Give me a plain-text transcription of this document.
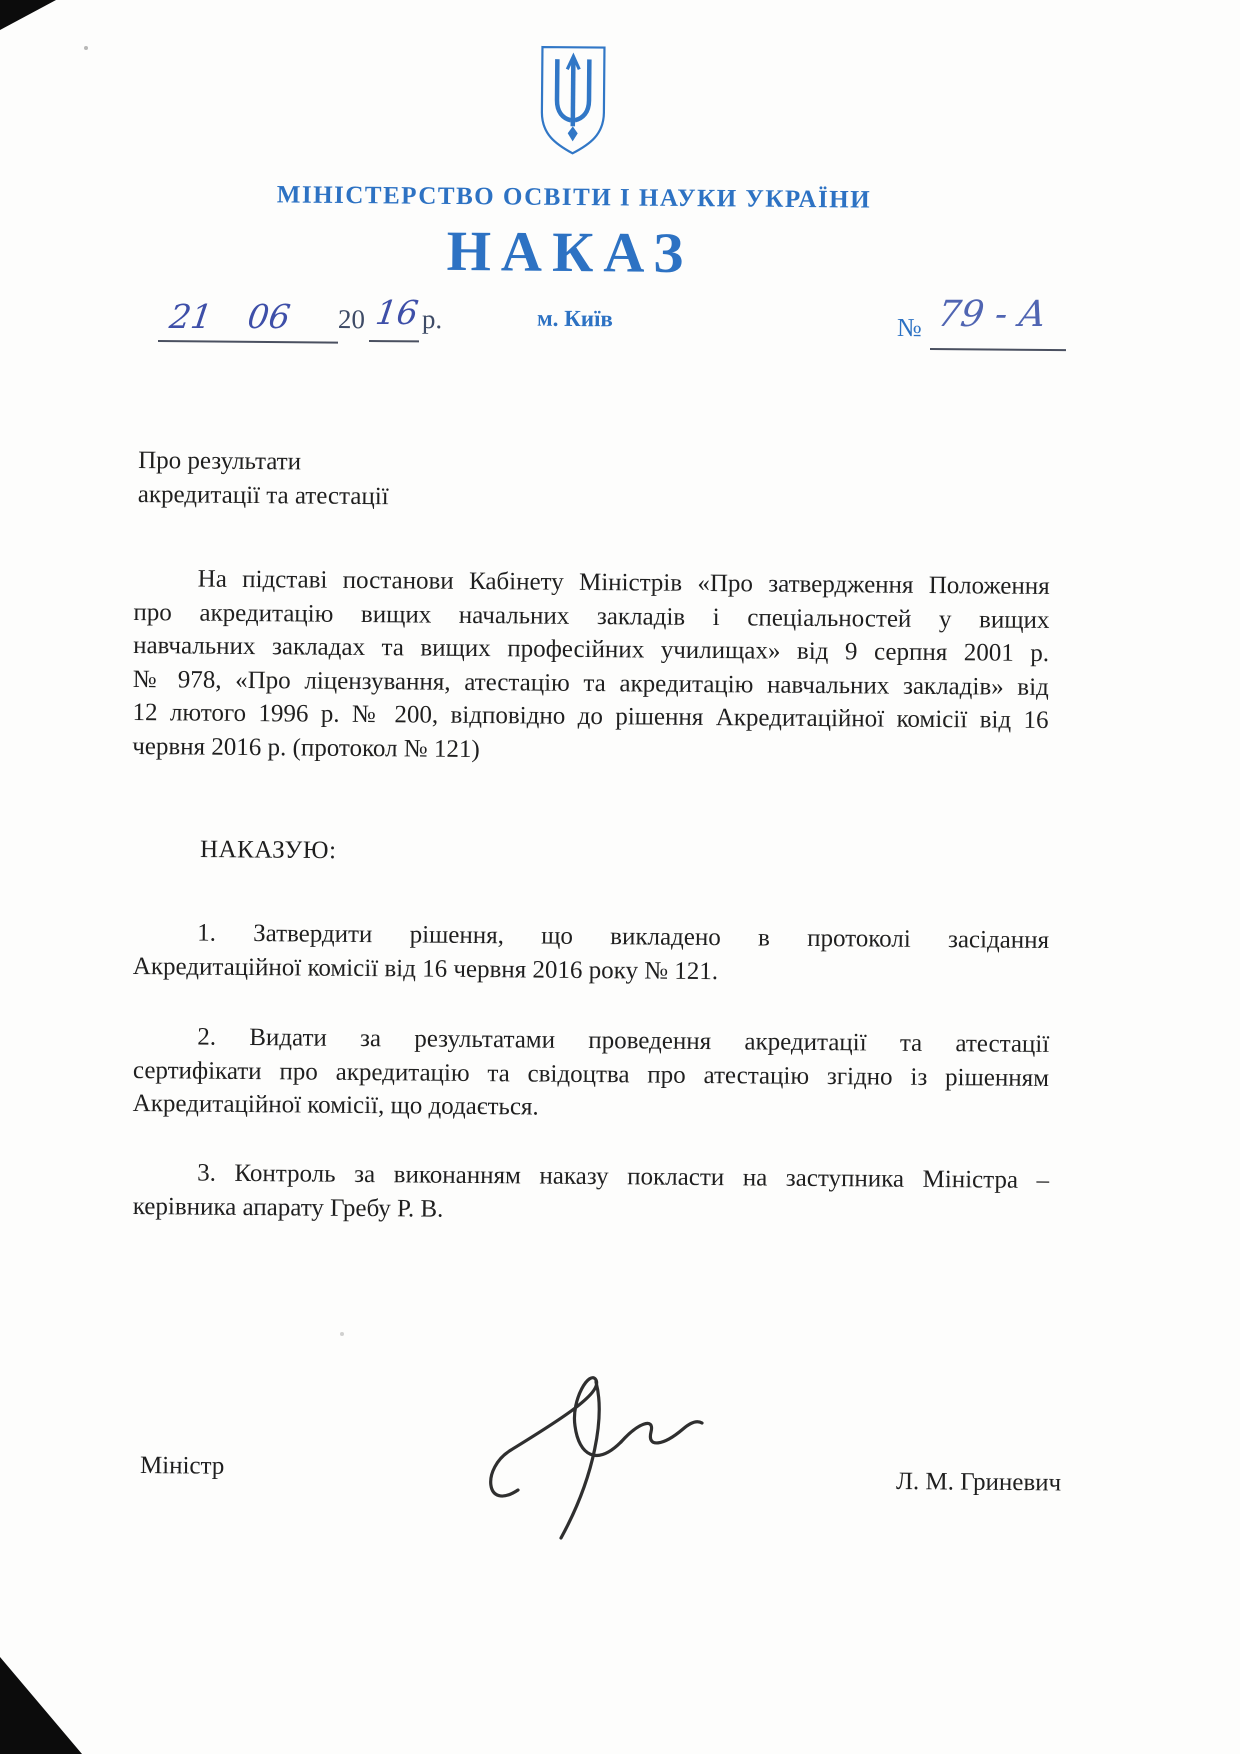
МІНІСТЕРСТВО ОСВІТИ І НАУКИ УКРАЇНИ
НАКАЗ
м. Київ
21 06 20 16 р.	№ 79 - А
Про результати
акредитації та атестації
На підставі постанови Кабінету Міністрів «Про затвердження Положення
про акредитацію вищих начальних закладів і спеціальностей у вищих
навчальних закладах та вищих професійних училищах» від 9 серпня 2001 р.
№ 978, «Про ліцензування, атестацію та акредитацію навчальних закладів» від
12 лютого 1996 р. № 200, відповідно до рішення Акредитаційної комісії від 16
червня 2016 р. (протокол № 121)
НАКАЗУЮ:
1. Затвердити рішення, що викладено в протоколі засідання
Акредитаційної комісії від 16 червня 2016 року № 121.
2. Видати за результатами проведення акредитації та атестації
сертифікати про акредитацію та свідоцтва про атестацію згідно із рішенням
Акредитаційної комісії, що додається.
3. Контроль за виконанням наказу покласти на заступника Міністра –
керівника апарату Гребу Р. В.
Міністр
Л. М. Гриневич
